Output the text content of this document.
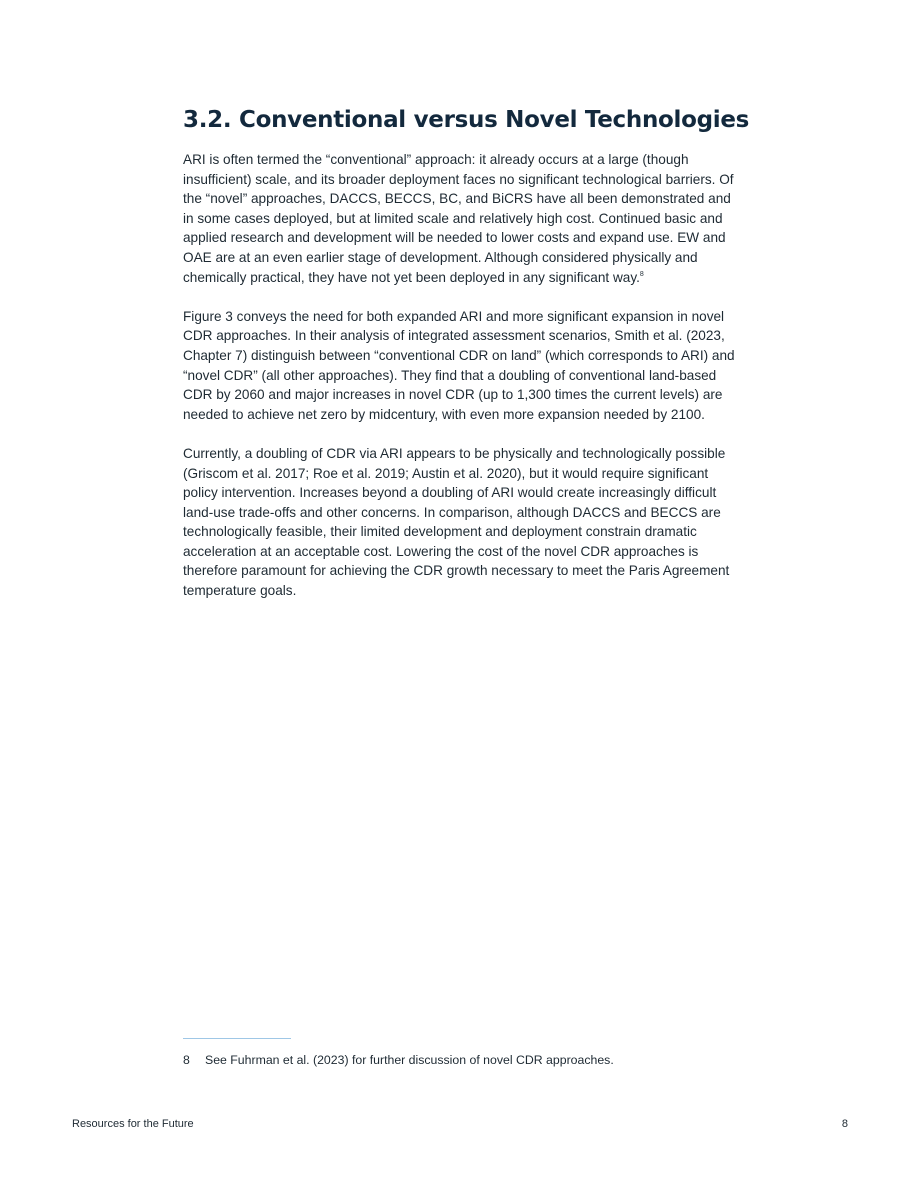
3.2. Conventional versus Novel Technologies

ARI is often termed the “conventional” approach: it already occurs at a large (though insufficient) scale, and its broader deployment faces no significant technological barriers. Of the “novel” approaches, DACCS, BECCS, BC, and BiCRS have all been demonstrated and in some cases deployed, but at limited scale and relatively high cost. Continued basic and applied research and development will be needed to lower costs and expand use. EW and OAE are at an even earlier stage of development. Although considered physically and chemically practical, they have not yet been deployed in any significant way.$^8$

Figure 3 conveys the need for both expanded ARI and more significant expansion in novel CDR approaches. In their analysis of integrated assessment scenarios, Smith et al. (2023, Chapter 7) distinguish between “conventional CDR on land” (which corresponds to ARI) and “novel CDR” (all other approaches). They find that a doubling of conventional land-based CDR by 2060 and major increases in novel CDR (up to 1,300 times the current levels) are needed to achieve net zero by midcentury, with even more expansion needed by 2100.

Currently, a doubling of CDR via ARI appears to be physically and technologically possible (Griscom et al. 2017; Roe et al. 2019; Austin et al. 2020), but it would require significant policy intervention. Increases beyond a doubling of ARI would create increasingly difficult land-use trade-offs and other concerns. In comparison, although DACCS and BECCS are technologically feasible, their limited development and deployment constrain dramatic acceleration at an acceptable cost. Lowering the cost of the novel CDR approaches is therefore paramount for achieving the CDR growth necessary to meet the Paris Agreement temperature goals.

8 See Fuhrman et al. (2023) for further discussion of novel CDR approaches.
Resources for the Future	8
